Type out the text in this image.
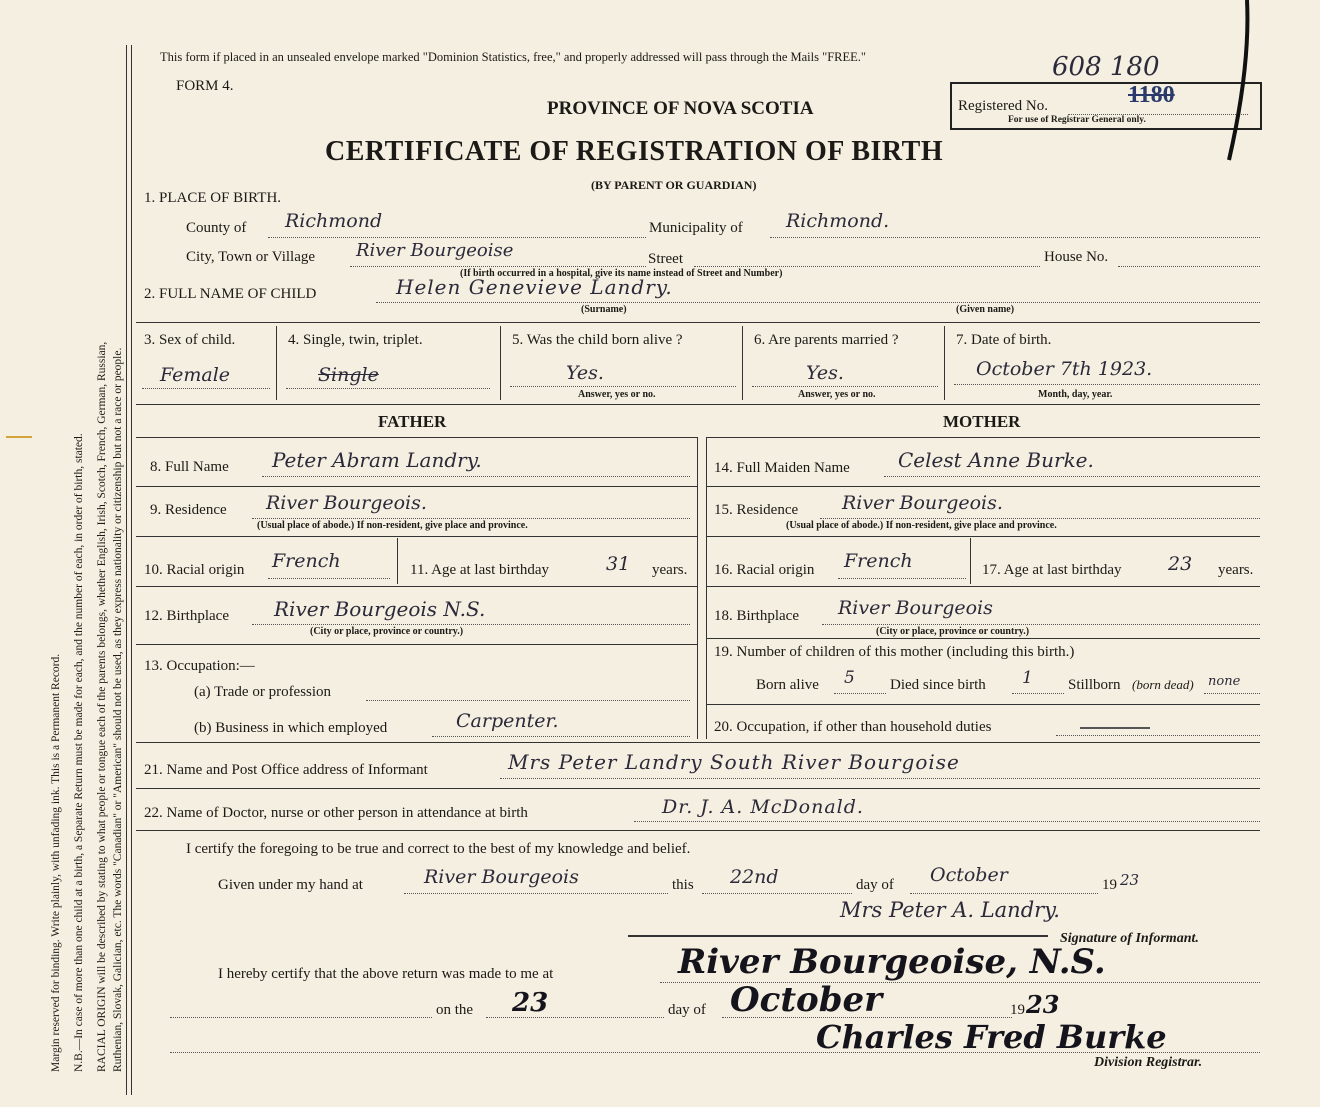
Margin reserved for binding. Write plainly, with unfading ink. This is a Permanent Record. N.B.—In case of more than one child at a birth, a Separate Return must be made for each, and the number of each, in order of birth, stated. RACIAL ORIGIN will be described by stating to what people or tongue each of the parents belongs, whether English, Irish, Scotch, French, German, Russian, Ruthenian, Slovak, Galician, etc. The words "Canadian" or "American" should not be used, as they express nationality or citizenship but not a race or people.
This form if placed in an unsealed envelope marked "Dominion Statistics, free," and properly addressed will pass through the Mails "FREE."	608 180
FORM 4.
PROVINCE OF NOVA SCOTIA
CERTIFICATE OF REGISTRATION OF BIRTH
(BY PARENT OR GUARDIAN)
Registered No.	1180
For use of Registrar General only.
1. PLACE OF BIRTH.
County of Richmond	Municipality of Richmond.
City, Town or Village River Bourgeoise	Street	House No.
(If birth occurred in a hospital, give its name instead of Street and Number)
2. FULL NAME OF CHILD	Helen Genevieve Landry.
(Surname)	(Given name)
3. Sex of child.
Female
4. Single, twin, triplet.
Single
5. Was the child born alive ?
Yes.
Answer, yes or no.
6. Are parents married ?
Yes.
Answer, yes or no.
7. Date of birth.
October 7th 1923.
Month, day, year.
FATHER	MOTHER
8. Full Name Peter Abram Landry.
9. Residence River Bourgeois.
(Usual place of abode.) If non-resident, give place and province.
10. Racial origin French	11. Age at last birthday	31 years.
12. Birthplace River Bourgeois N.S.
(City or place, province or country.)
13. Occupation:—
(a) Trade or profession
(b) Business in which employed	Carpenter.
14. Full Maiden Name Celest Anne Burke.
15. Residence River Bourgeois.
(Usual place of abode.) If non-resident, give place and province.
16. Racial origin French	17. Age at last birthday 23 years.
18. Birthplace River Bourgeois
(City or place, province or country.)
19. Number of children of this mother (including this birth.)
Born alive 5 Died since birth 1 Stillborn (born dead) none
20. Occupation, if other than household duties
21. Name and Post Office address of Informant	Mrs Peter Landry South River Bourgoise
22. Name of Doctor, nurse or other person in attendance at birth	Dr. J. A. McDonald.
I certify the foregoing to be true and correct to the best of my knowledge and belief.
Given under my hand at	River Bourgeois	this 22nd	day of October	19 23
Mrs Peter A. Landry.
Signature of Informant.
I hereby certify that the above return was made to me at	River Bourgeoise, N.S.
on the 23	day of October	19 23
Charles Fred Burke
Division Registrar.
